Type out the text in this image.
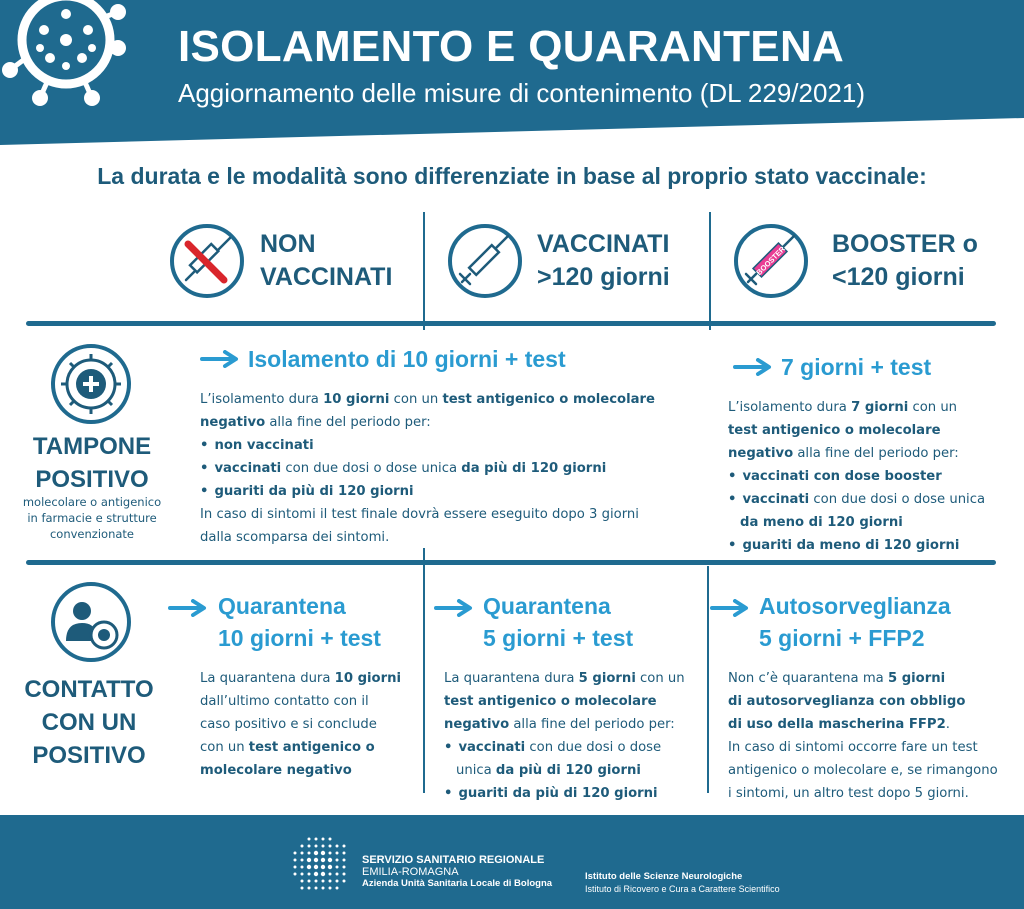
ISOLAMENTO E QUARANTENA
Aggiornamento delle misure di contenimento (DL 229/2021)
La durata e le modalità sono differenziate in base al proprio stato vaccinale:
NON
VACCINATI
VACCINATI
>120 giorni	BOOSTER
BOOSTER o
<120 giorni
TAMPONE
POSITIVO
molecolare o antigenico
in farmacie e strutture
convenzionate
Isolamento di 10 giorni + test
L’isolamento dura 10 giorni con un test antigenico o molecolare
negativo alla fine del periodo per:
• non vaccinati
• vaccinati con due dosi o dose unica da più di 120 giorni
• guariti da più di 120 giorni
In caso di sintomi il test finale dovrà essere eseguito dopo 3 giorni
dalla scomparsa dei sintomi.
7 giorni + test
L’isolamento dura 7 giorni con un
test antigenico o molecolare
negativo alla fine del periodo per:
• vaccinati con dose booster
• vaccinati con due dosi o dose unica
da meno di 120 giorni
• guariti da meno di 120 giorni
CONTATTO
CON UN
POSITIVO
Quarantena
10 giorni + test
La quarantena dura 10 giorni
dall’ultimo contatto con il
caso positivo e si conclude
con un test antigenico o
molecolare negativo
Quarantena
5 giorni + test
La quarantena dura 5 giorni con un
test antigenico o molecolare
negativo alla fine del periodo per:
• vaccinati con due dosi o dose
unica da più di 120 giorni
• guariti da più di 120 giorni
Autosorveglianza
5 giorni + FFP2
Non c’è quarantena ma 5 giorni
di autosorveglianza con obbligo
di uso della mascherina FFP2.
In caso di sintomi occorre fare un test
antigenico o molecolare e, se rimangono
i sintomi, un altro test dopo 5 giorni.
SERVIZIO SANITARIO REGIONALE
EMILIA-ROMAGNA
Azienda Unità Sanitaria Locale di Bologna
Istituto delle Scienze Neurologiche
Istituto di Ricovero e Cura a Carattere Scientifico
